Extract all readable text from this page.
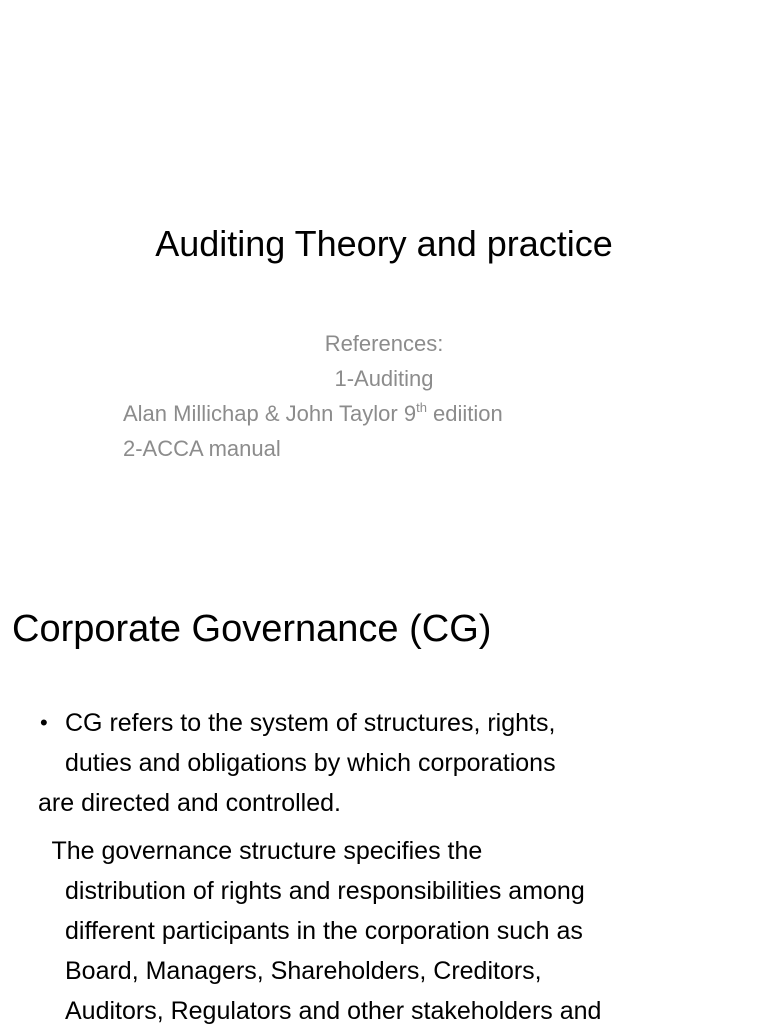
Auditing Theory and practice
References:
1-Auditing
Alan Millichap & John Taylor 9th ediition
2-ACCA manual
Corporate Governance (CG)
• CG refers to the system of structures, rights,
duties and obligations by which corporations
are directed and controlled.
The governance structure specifies the
distribution of rights and responsibilities among
different participants in the corporation such as
Board, Managers, Shareholders, Creditors,
Auditors, Regulators and other stakeholders and
